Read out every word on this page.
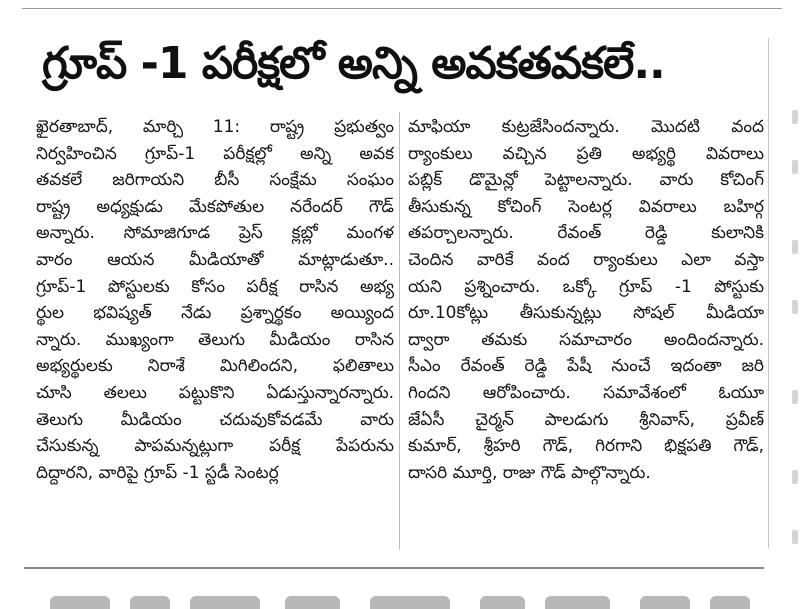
గ్రూప్ -1 పరీక్షలో అన్ని అవకతవకలే..
ఖైరతాబాద్, మార్చి 11: రాష్ట్ర ప్రభుత్వం
నిర్వహించిన గ్రూప్-1 పరీక్షల్లో అన్ని అవక
తవకలే జరిగాయని బీసీ సంక్షేమ సంఘం
రాష్ట్ర అధ్యక్షుడు మేకపోతుల నరేందర్ గౌడ్
అన్నారు. సోమాజిగూడ ప్రెస్ క్లబ్లో మంగళ
వారం ఆయన మీడియాతో మాట్లాడుతూ..
గ్రూప్-1 పోస్టులకు కోసం పరీక్ష రాసిన అభ్య
ర్థుల భవిష్యత్ నేడు ప్రశ్నార్థకం అయ్యింద
న్నారు. ముఖ్యంగా తెలుగు మీడియం రాసిన
అభ్యర్థులకు నిరాశే మిగిలిందని, ఫలితాలు
చూసి తలలు పట్టుకొని ఏడుస్తున్నారన్నారు.
తెలుగు మీడియం చదువుకోవడమే వారు
చేసుకున్న పాపమన్నట్లుగా పరీక్ష పేపరును
దిద్దారని, వారిపై గ్రూప్ -1 స్టడీ సెంటర్ల
మాఫియా కుట్రజేసిందన్నారు. మొదటి వంద
ర్యాంకులు వచ్చిన ప్రతి అభ్యర్థి వివరాలు
పబ్లిక్ డొమైన్లో పెట్టాలన్నారు. వారు కోచింగ్
తీసుకున్న కోచింగ్ సెంటర్ల వివరాలు బహిర్గ
తపర్చాలన్నారు. రేవంత్ రెడ్డి కులానికి
చెందిన వారికే వంద ర్యాంకులు ఎలా వస్తా
యని ప్రశ్నించారు. ఒక్కో గ్రూప్ -1 పోస్టుకు
రూ.10కోట్లు తీసుకున్నట్లు సోషల్ మీడియా
ద్వారా తమకు సమాచారం అందిందన్నారు.
సీఎం రేవంత్ రెడ్డి పేషీ నుంచే ఇదంతా జరి
గిందని ఆరోపించారు. సమావేశంలో ఓయూ
జేఏసీ చైర్మన్ పాలడుగు శ్రీనివాస్, ప్రవీణ్
కుమార్, శ్రీహరి గౌడ్, గిరగాని భిక్షపతి గౌడ్,
దాసరి మూర్తి, రాజు గౌడ్ పాల్గొన్నారు.
